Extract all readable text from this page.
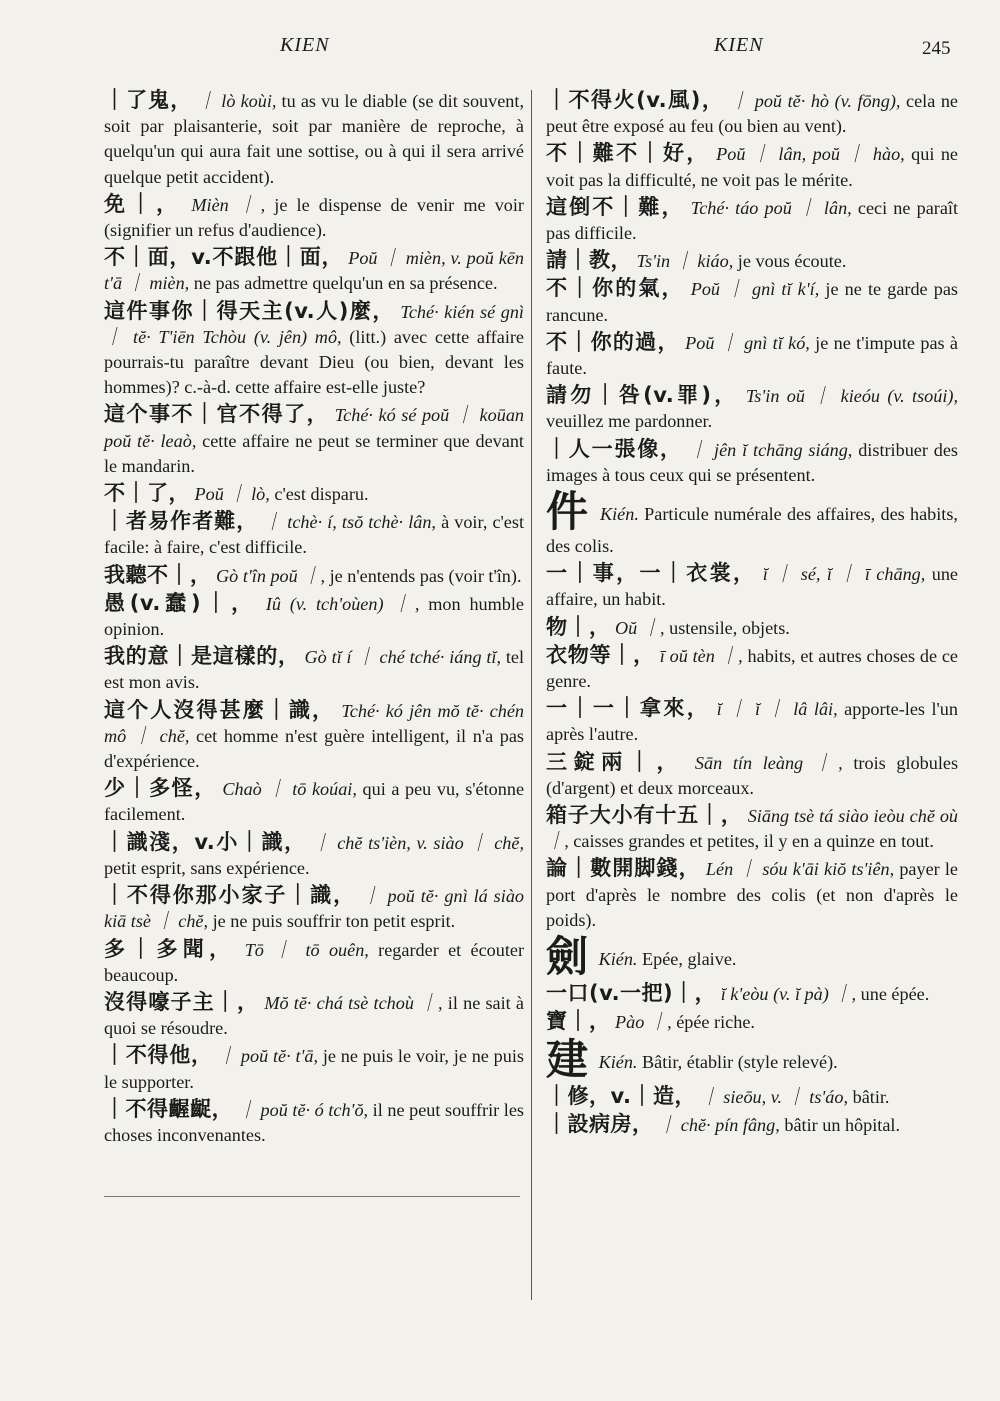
KIEN	KIEN	245

｜了鬼， ｜ lò koùi, tu as vu le diable (se dit souvent, soit par plaisanterie, soit par manière de reproche, à quelqu'un qui aura fait une sottise, ou à qui il sera arrivé quelque petit accident).

免｜， Mièn ｜, je le dispense de venir me voir (signifier un refus d'audience).

不｜面，v.不跟他｜面， Poŭ ｜ mièn, v. poŭ kēn t'ā ｜ mièn, ne pas admettre quelqu'un en sa présence.

這件事你｜得天主(v.人)麼， Tché· kién sé gnì ｜ tĕ· T'iēn Tchòu (v. jên) mô, (litt.) avec cette affaire pourrais-tu paraître devant Dieu (ou bien, devant les hommes)? c.-à-d. cette affaire est-elle juste?

這个事不｜官不得了， Tché· kó sé poŭ ｜ koūan poŭ tĕ· leaò, cette affaire ne peut se terminer que devant le mandarin.

不｜了， Poŭ ｜ lò, c'est disparu.

｜者易作者難， ｜ tchè· í, tsŏ tchè· lân, à voir, c'est facile: à faire, c'est difficile.

我聽不｜， Gò t'în poŭ ｜, je n'entends pas (voir t'în).

愚(v.蠢)｜， Iû (v. tch'oùen) ｜, mon humble opinion.

我的意｜是這樣的， Gò tĭ í ｜ ché tché· iáng tĭ, tel est mon avis.

這个人沒得甚麼｜識， Tché· kó jên mŏ tĕ· chén mô ｜ chĕ, cet homme n'est guère intelligent, il n'a pas d'expérience.

少｜多怪， Chaò ｜ tō koúai, qui a peu vu, s'étonne facilement.

｜識淺，v.小｜識， ｜ chĕ ts'ièn, v. siào ｜ chĕ, petit esprit, sans expérience.

｜不得你那小家子｜識， ｜ poŭ tĕ· gnì lá siào kiā tsè ｜ chĕ, je ne puis souffrir ton petit esprit.

多｜多聞， Tō ｜ tō ouên, regarder et écouter beaucoup.

沒得嚎子主｜， Mŏ tĕ· chá tsè tchoù ｜, il ne sait à quoi se résoudre.

｜不得他， ｜ poŭ tĕ· t'ā, je ne puis le voir, je ne puis le supporter.

｜不得齷齪， ｜ poŭ tĕ· ó tch'ŏ, il ne peut souffrir les choses inconvenantes.

｜不得火(v.風)， ｜ poŭ tĕ· hò (v. fōng), cela ne peut être exposé au feu (ou bien au vent).

不｜難不｜好， Poŭ ｜ lân, poŭ ｜ hào, qui ne voit pas la difficulté, ne voit pas le mérite.

這倒不｜難， Tché· táo poŭ ｜ lân, ceci ne paraît pas difficile.

請｜教， Ts'in ｜ kiáo, je vous écoute.

不｜你的氣， Poŭ ｜ gnì tĭ k'í, je ne te garde pas rancune.

不｜你的過， Poŭ ｜ gnì tĭ kó, je ne t'impute pas à faute.

請勿｜咎(v.罪)， Ts'in oŭ ｜ kieóu (v. tsoúi), veuillez me pardonner.

｜人一張像， ｜ jên ĭ tchāng siáng, distribuer des images à tous ceux qui se présentent.

件 Kién. Particule numérale des affaires, des habits, des colis.

一｜事，一｜衣裳， ĭ ｜ sé, ĭ ｜ ī chāng, une affaire, un habit.

物｜， Oŭ ｜, ustensile, objets.

衣物等｜， ī oŭ tèn ｜, habits, et autres choses de ce genre.

一｜一｜拿來， ĭ ｜ ĭ ｜ lâ lâi, apporte-les l'un après l'autre.

三錠兩｜， Sān tín leàng ｜, trois globules (d'argent) et deux morceaux.

箱子大小有十五｜， Siāng tsè tá siào ieòu chĕ où ｜, caisses grandes et petites, il y en a quinze en tout.

論｜數開脚錢， Lén ｜ sóu k'āi kiŏ ts'iên, payer le port d'après le nombre des colis (et non d'après le poids).

劍 Kién. Epée, glaive.

一口(v.一把)｜， ĭ k'eòu (v. ĭ pà) ｜, une épée.

寶｜， Pào ｜, épée riche.

建 Kién. Bâtir, établir (style relevé).

｜修，v.｜造， ｜ sieōu, v. ｜ ts'áo, bâtir.

｜設病房， ｜ chĕ· pín fâng, bâtir un hôpital.
